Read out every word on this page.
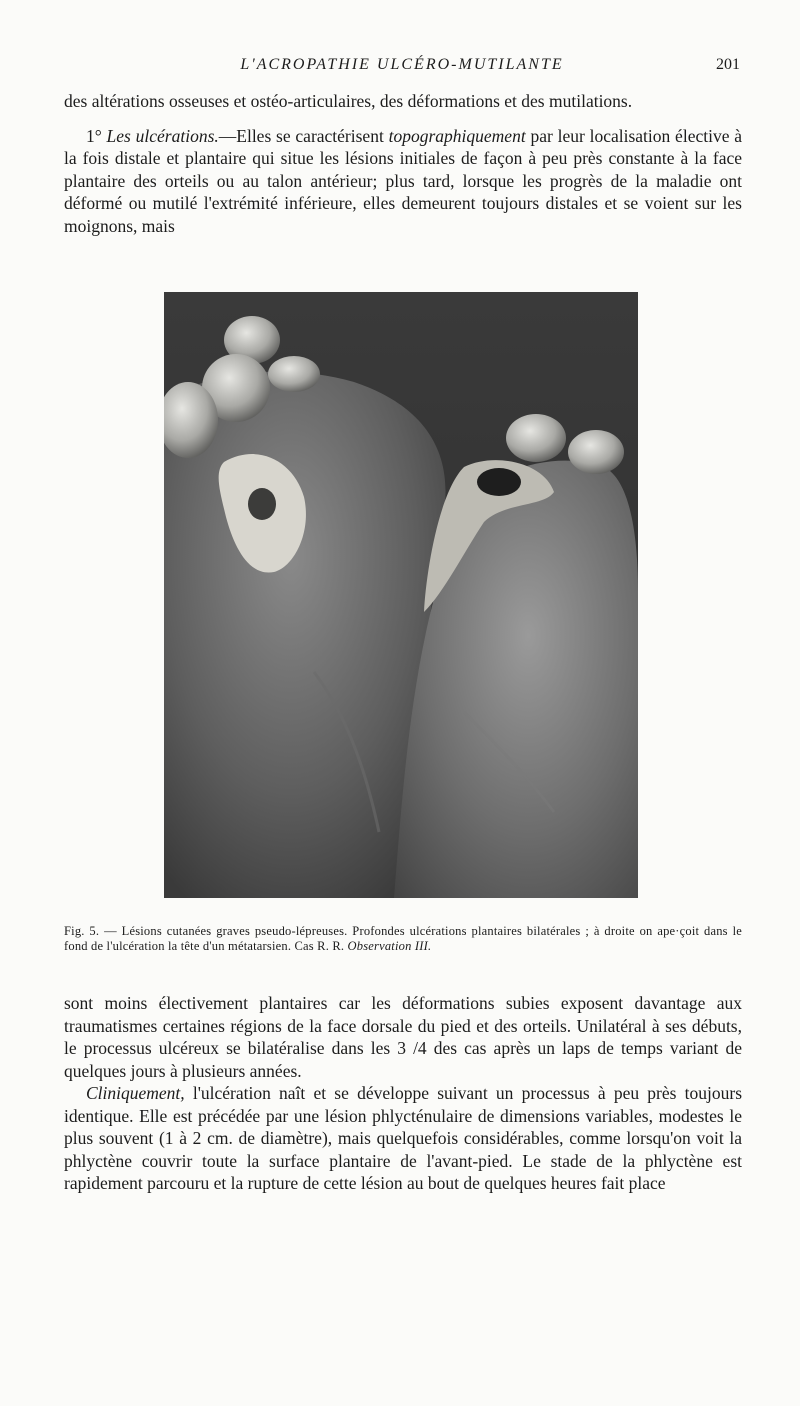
L'ACROPATHIE ULCÉRO-MUTILANTE	201

des altérations osseuses et ostéo-articulaires, des déformations et des mutilations.

1° Les ulcérations.—Elles se caractérisent topographiquement par leur localisation élective à la fois distale et plantaire qui situe les lésions initiales de façon à peu près constante à la face plantaire des orteils ou au talon antérieur; plus tard, lorsque les progrès de la maladie ont déformé ou mutilé l'extrémité inférieure, elles demeurent toujours distales et se voient sur les moignons, mais

Fig. 5. — Lésions cutanées graves pseudo-lépreuses. Profondes ulcérations plantaires bilatérales ; à droite on ape·çoit dans le fond de l'ulcération la tête d'un métatarsien. Cas R. R. Observation III.

sont moins électivement plantaires car les déformations subies exposent davantage aux traumatismes certaines régions de la face dorsale du pied et des orteils. Unilatéral à ses débuts, le processus ulcéreux se bilatéralise dans les 3 /4 des cas après un laps de temps variant de quelques jours à plusieurs années.

Cliniquement, l'ulcération naît et se développe suivant un processus à peu près toujours identique. Elle est précédée par une lésion phlycténulaire de dimensions variables, modestes le plus souvent (1 à 2 cm. de diamètre), mais quelquefois considérables, comme lorsqu'on voit la phlyctène couvrir toute la surface plantaire de l'avant-pied. Le stade de la phlyctène est rapidement parcouru et la rupture de cette lésion au bout de quelques heures fait place
